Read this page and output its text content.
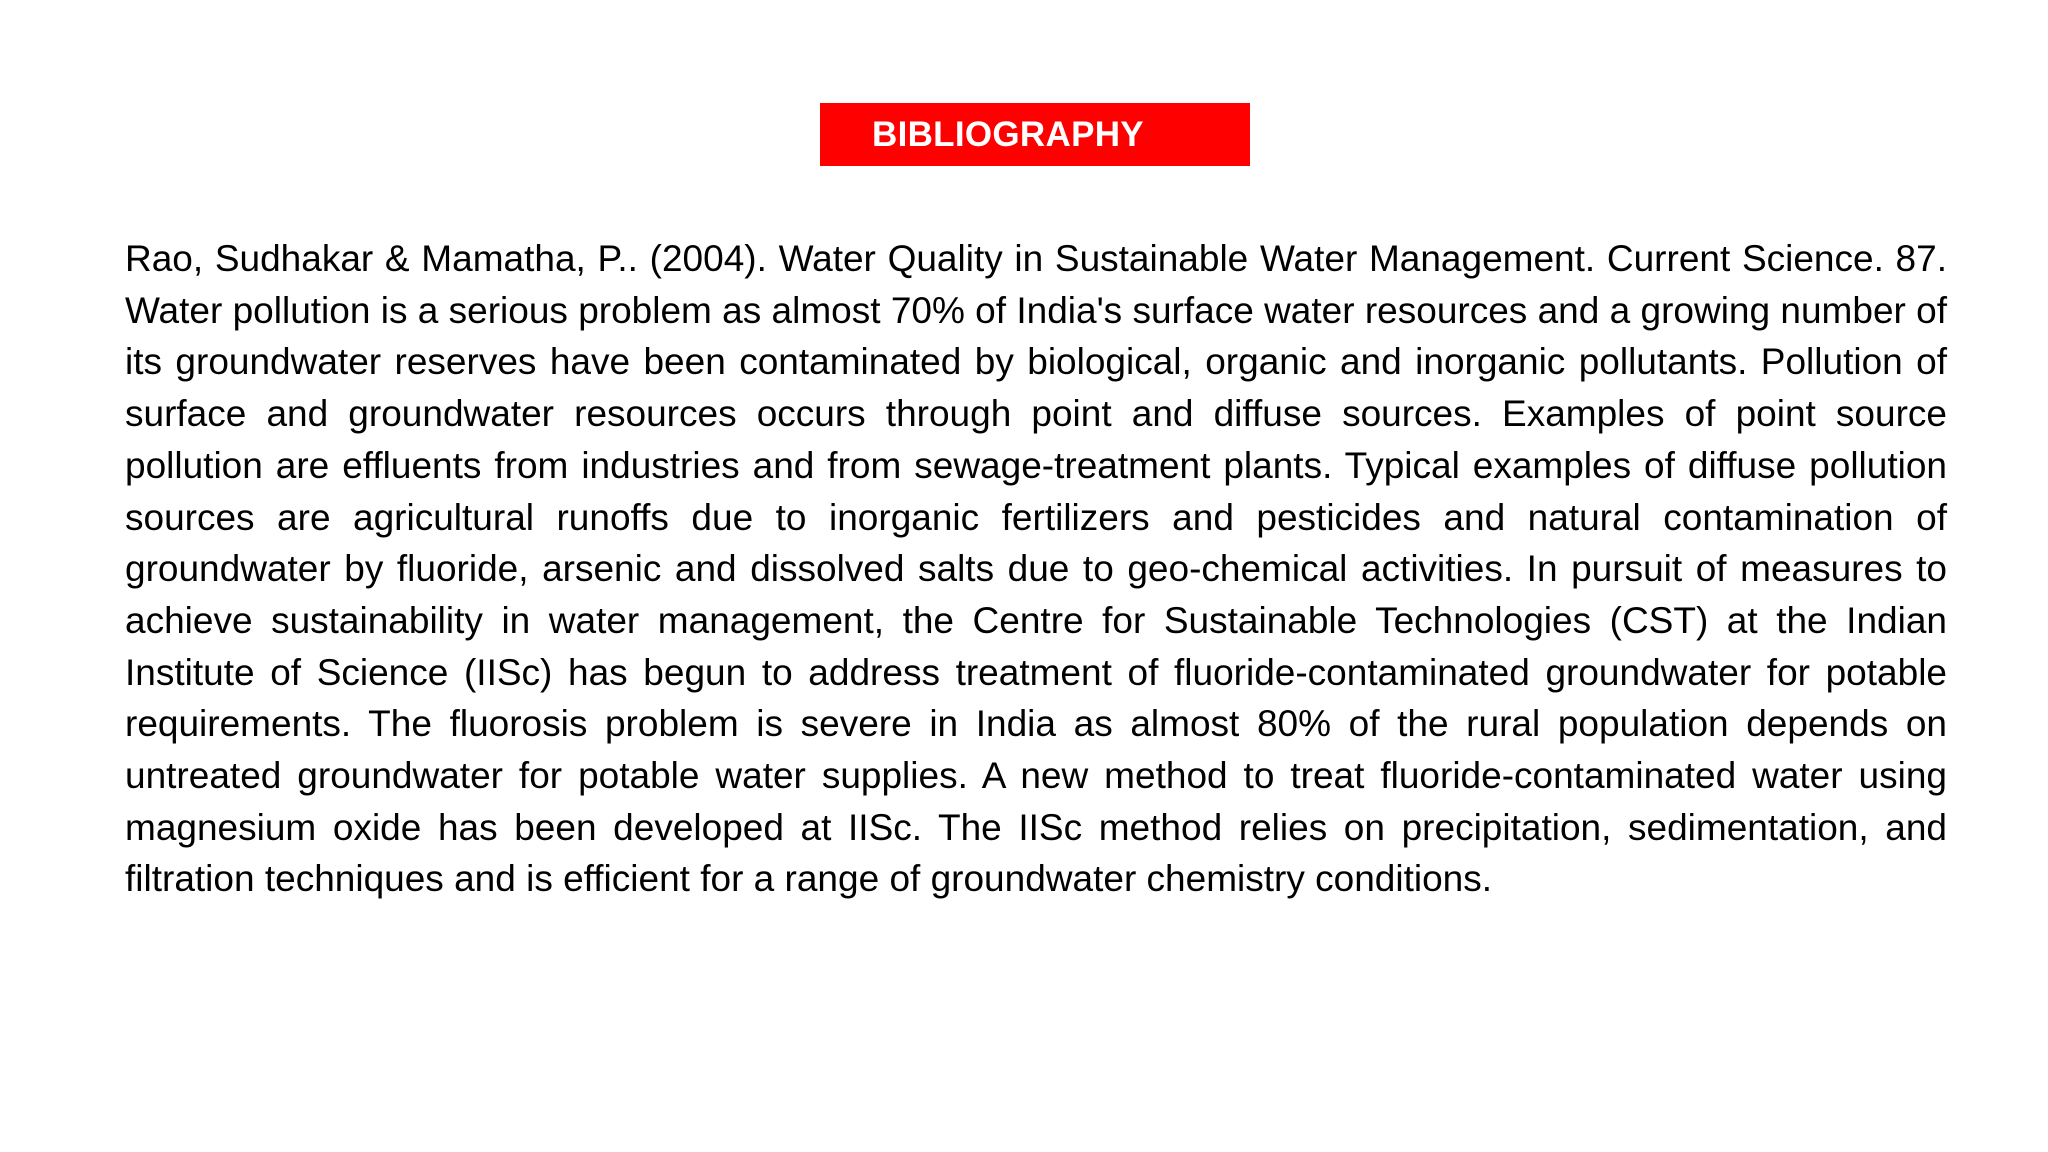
BIBLIOGRAPHY

Rao, Sudhakar & Mamatha, P.. (2004). Water Quality in Sustainable Water Management. Current Science. 87. Water pollution is a serious problem as almost 70% of India's surface water resources and a growing number of its groundwater reserves have been contaminated by biological, organic and inorganic pollutants. Pollution of surface and groundwater resources occurs through point and diffuse sources. Examples of point source pollution are effluents from industries and from sewage-treatment plants. Typical examples of diffuse pollution sources are agricultural runoffs due to inorganic fertilizers and pesticides and natural contamination of groundwater by fluoride, arsenic and dissolved salts due to geo-chemical activities. In pursuit of measures to achieve sustainability in water management, the Centre for Sustainable Technologies (CST) at the Indian Institute of Science (IISc) has begun to address treatment of fluoride-contaminated groundwater for potable requirements. The fluorosis problem is severe in India as almost 80% of the rural population depends on untreated groundwater for potable water supplies. A new method to treat fluoride-contaminated water using magnesium oxide has been developed at IISc. The IISc method relies on precipitation, sedimentation, and filtration techniques and is efficient for a range of groundwater chemistry conditions.
